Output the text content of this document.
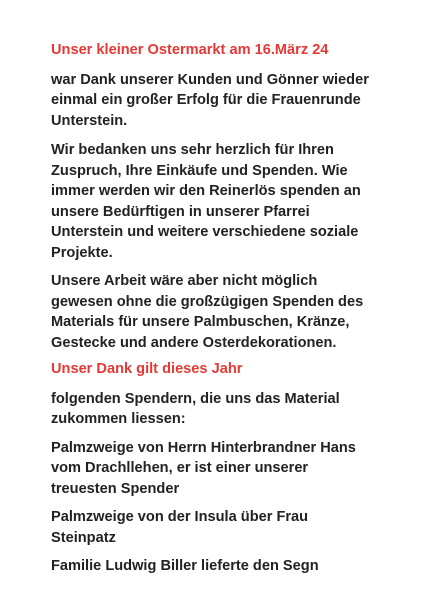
Unser kleiner Ostermarkt am 16.März 24

war Dank unserer Kunden und Gönner wieder
einmal ein großer Erfolg für die Frauenrunde
Unterstein.

Wir bedanken uns sehr herzlich für Ihren
Zuspruch, Ihre Einkäufe und Spenden. Wie
immer werden wir den Reinerlös spenden an
unsere Bedürftigen in unserer Pfarrei
Unterstein und weitere verschiedene soziale
Projekte.

Unsere Arbeit wäre aber nicht möglich
gewesen ohne die großzügigen Spenden des
Materials für unsere Palmbuschen, Kränze,
Gestecke und andere Osterdekorationen.

Unser Dank gilt dieses Jahr

folgenden Spendern, die uns das Material
zukommen liessen:

Palmzweige von Herrn Hinterbrandner Hans
vom Drachllehen, er ist einer unserer
treuesten Spender

Palmzweige von der Insula über Frau
Steinpatz

Familie Ludwig Biller lieferte den Segn
